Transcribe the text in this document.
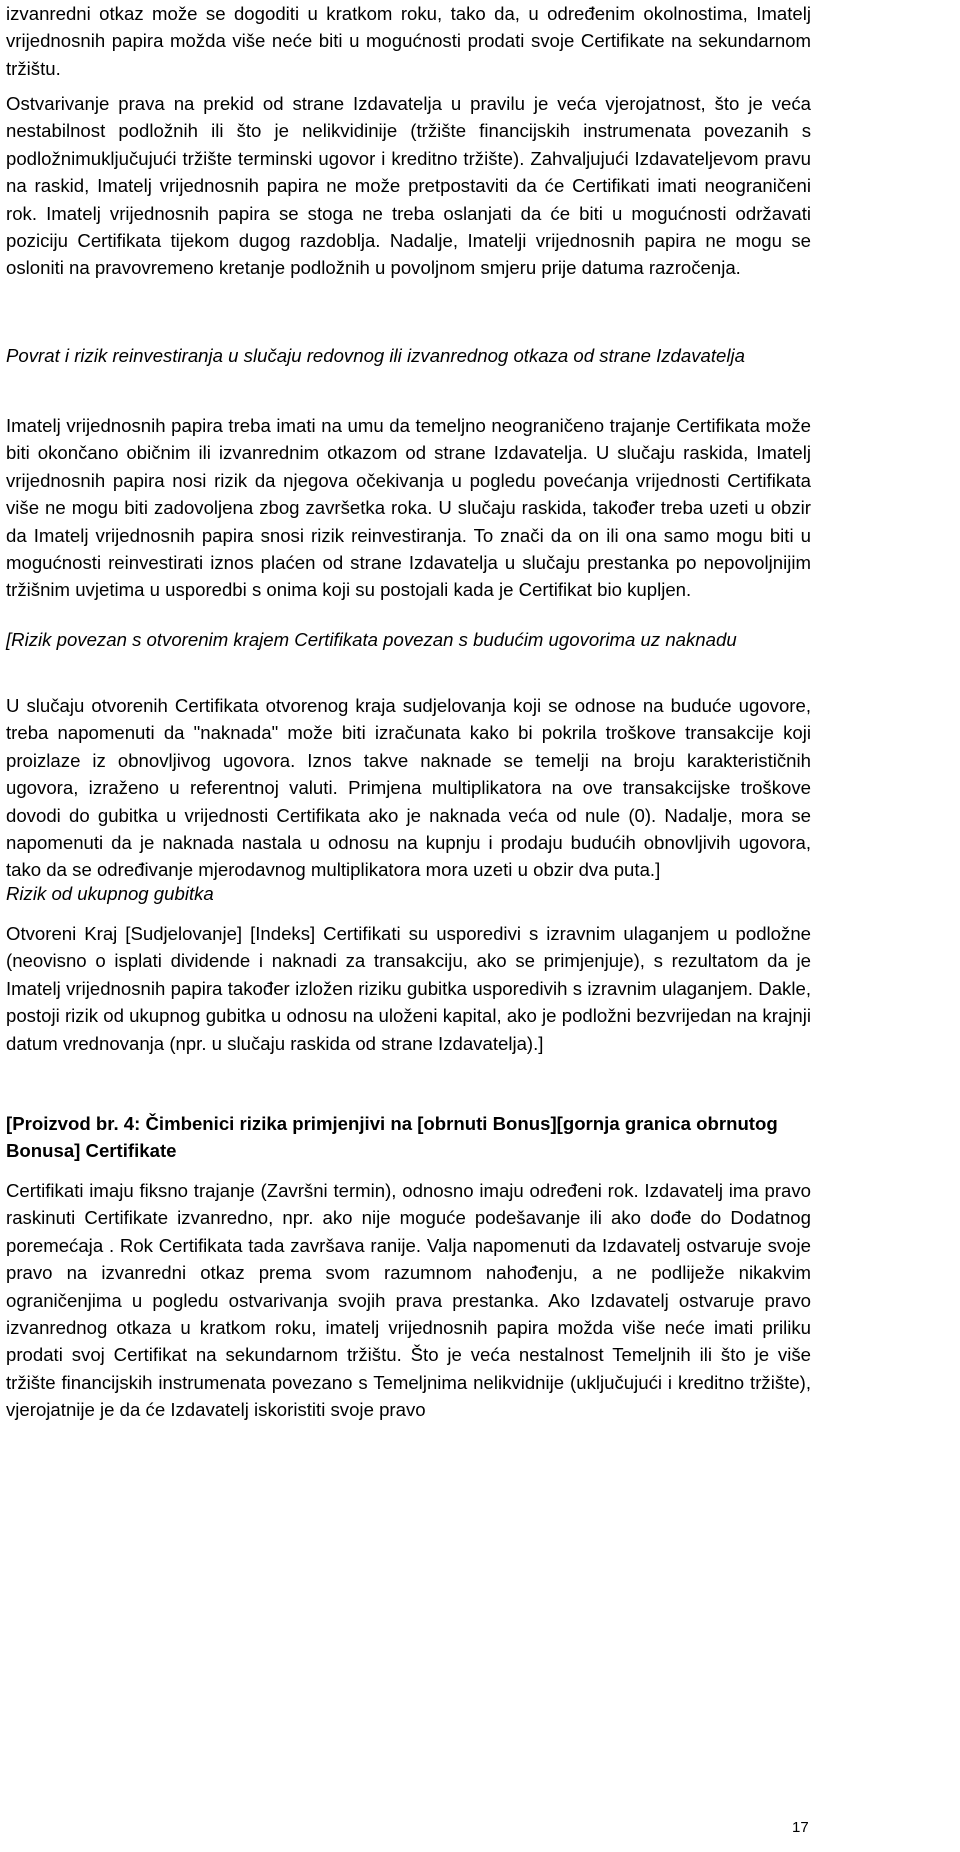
izvanredni otkaz može se dogoditi u kratkom roku, tako da, u određenim okolnostima, Imatelj vrijednosnih papira možda više neće biti u mogućnosti prodati svoje Certifikate na sekundarnom tržištu.

Ostvarivanje prava na prekid od strane Izdavatelja u pravilu je veća vjerojatnost, što je veća nestabilnost podložnih ili što je nelikvidinije (tržište financijskih instrumenata povezanih s podložnimuključujući tržište terminski ugovor i kreditno tržište). Zahvaljujući Izdavateljevom pravu na raskid, Imatelj vrijednosnih papira ne može pretpostaviti da će Certifikati imati neograničeni rok. Imatelj vrijednosnih papira se stoga ne treba oslanjati da će biti u mogućnosti održavati poziciju Certifikata tijekom dugog razdoblja. Nadalje, Imatelji vrijednosnih papira ne mogu se osloniti na pravovremeno kretanje podložnih u povoljnom smjeru prije datuma razročenja.

Povrat i rizik reinvestiranja u slučaju redovnog ili izvanrednog otkaza od strane Izdavatelja

Imatelj vrijednosnih papira treba imati na umu da temeljno neograničeno trajanje Certifikata može biti okončano običnim ili izvanrednim otkazom od strane Izdavatelja. U slučaju raskida, Imatelj vrijednosnih papira nosi rizik da njegova očekivanja u pogledu povećanja vrijednosti Certifikata više ne mogu biti zadovoljena zbog završetka roka. U slučaju raskida, također treba uzeti u obzir da Imatelj vrijednosnih papira snosi rizik reinvestiranja. To znači da on ili ona samo mogu biti u mogućnosti reinvestirati iznos plaćen od strane Izdavatelja u slučaju prestanka po nepovoljnijim tržišnim uvjetima u usporedbi s onima koji su postojali kada je Certifikat bio kupljen.

[Rizik povezan s otvorenim krajem Certifikata povezan s budućim ugovorima uz naknadu

U slučaju otvorenih Certifikata otvorenog kraja sudjelovanja koji se odnose na buduće ugovore, treba napomenuti da "naknada" može biti izračunata kako bi pokrila troškove transakcije koji proizlaze iz obnovljivog ugovora. Iznos takve naknade se temelji na broju karakterističnih ugovora, izraženo u referentnoj valuti. Primjena multiplikatora na ove transakcijske troškove dovodi do gubitka u vrijednosti Certifikata ako je naknada veća od nule (0). Nadalje, mora se napomenuti da je naknada nastala u odnosu na kupnju i prodaju budućih obnovljivih ugovora, tako da se određivanje mjerodavnog multiplikatora mora uzeti u obzir dva puta.]

Rizik od ukupnog gubitka

Otvoreni Kraj [Sudjelovanje] [Indeks] Certifikati su usporedivi s izravnim ulaganjem u podložne (neovisno o isplati dividende i naknadi za transakciju, ako se primjenjuje), s rezultatom da je Imatelj vrijednosnih papira također izložen riziku gubitka usporedivih s izravnim ulaganjem. Dakle, postoji rizik od ukupnog gubitka u odnosu na uloženi kapital, ako je podložni bezvrijedan na krajnji datum vrednovanja (npr. u slučaju raskida od strane Izdavatelja).]

[Proizvod br. 4: Čimbenici rizika primjenjivi na [obrnuti Bonus][gornja granica obrnutog Bonusa] Certifikate

Certifikati imaju fiksno trajanje (Završni termin), odnosno imaju određeni rok. Izdavatelj ima pravo raskinuti Certifikate izvanredno, npr. ako nije moguće podešavanje ili ako dođe do Dodatnog poremećaja . Rok Certifikata tada završava ranije. Valja napomenuti da Izdavatelj ostvaruje svoje pravo na izvanredni otkaz prema svom razumnom nahođenju, a ne podliježe nikakvim ograničenjima u pogledu ostvarivanja svojih prava prestanka. Ako Izdavatelj ostvaruje pravo izvanrednog otkaza u kratkom roku, imatelj vrijednosnih papira možda više neće imati priliku prodati svoj Certifikat na sekundarnom tržištu. Što je veća nestalnost Temeljnih ili što je više tržište financijskih instrumenata povezano s Temeljnima nelikvidnije (uključujući i kreditno tržište), vjerojatnije je da će Izdavatelj iskoristiti svoje pravo

17
